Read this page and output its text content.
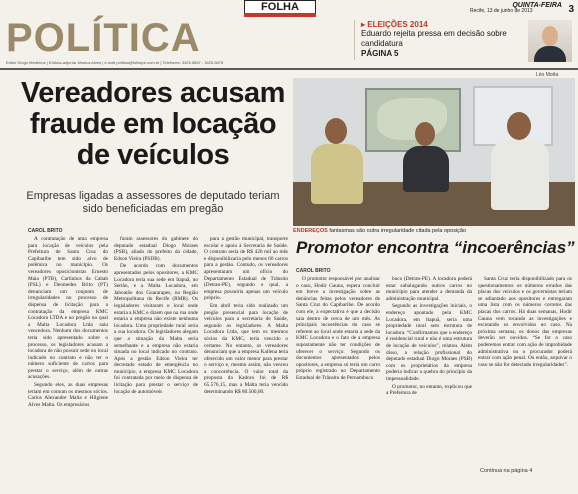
FOLHA
POLÍTICA
Editor Diogo Medeiros | Editora-adjunta Jéssica Alves | e-mail politica@folhape.com.br | Telefones: 3425.5857 - 3425.5878
QUINTA-FEIRA
Recife, 13 de junho de 2013	3
▸ ELEIÇÕES 2014
Eduardo rejeita pressa em decisão sobre candidatura
PÁGINA 5
Vereadores acusam fraude em locação de veículos
Empresas ligadas a assessores de deputado teriam sido beneficiadas em pregão
Léo Motta
ENDEREÇOS fantasmas são outra irregularidade citada pela oposição
Promotor encontra “incoerências”
CAROL BRITO

A contratação de uma empresa para locação de veículos pela Prefeitura de Santa Cruz do Capibaribe tem sido alvo de polêmica no município. Os vereadores oposicionistas Ernesto Maia (PTB), Carlinhos da Cabab (PSL) e Deomedes Brito (PT) denunciam um conjunto de irregularidades no processo de dispensa de licitação para a contratação da empresa KMC Locadora LTDA e no pregão no qual a Malta Locadora Ltda saiu vencedora. Nenhum dos documentos teria sido apresentado sobre o processo, os legisladores acusam a locadora de não possuir sede no local indicado no contrato e não ter o número suficiente de carros para prestar o serviço, além de outras acusações.

Segundo eles, as duas empresas teriam em comum os mesmos sócios. Carlos Alexandre Malta e Hilgiene Alves Malta. Os empresários

foram assessores do gabinete do deputado estadual Diogo Moraes (PSB), aliado do prefeito da cidade, Edson Vieira (PSDB).

De acordo com documentos apresentados pelos opositores, a KMC Locadora teria sua sede em Itapuã, no Sertão, e a Malta Locadora, em Jaboatão dos Guararapes, na Região Metropolitana do Recife (RMR). Os legisladores visitaram o local onde estaria a KMC e dizem que na rua onde estaria a empresa não existe nenhuma locadora. Uma propriedade rural seria a sua locadora. Os legisladores alegam que a situação da Malta seria semelhante e a empresa não estaria situada no local indicado no contrato. Após a gestão Edson Vieira ter decretado estado de emergência no município, a empresa KMC Locadora foi contratada por meio de dispensa de licitação para prestar o serviço de locação de automóveis

para a gestão municipal, transporte escolar e apoio à Secretaria de Saúde. O contrato seria de R$ 420 mil ao mês e disponibilizaria pelo menos 60 carros para a gestão. Contudo, os vereadores apresentaram um ofício do Departamento Estadual de Trânsito (Detran-PE), segundo o qual, a empresa possuiria apenas um veículo próprio.

Em abril teria sido realizado um pregão presencial para locação de veículos para a secretaria de Saúde, segundo os legisladores. A Malta Locadora Ltda, que tem os mesmos sócios da KMC, teria vencido o certame. No entanto, os vereadores denunciam que a empresa Kallena teria oferecido um valor menor para prestar o serviço e, mesmo assim, não venceu a concorrência. O valor total da proposta da Kadoro foi de R$ 65.576,15, mas a Malta teria vencido determinando R$ 80.500,00.

CAROL BRITO

O promotor responsável por analisar o caso, Hodir Gauna, espera concluir em breve a investigação sobre as denúncias feitas pelos vereadores de Santa Cruz do Capibaribe. De acordo com ele, a expectativa é que a decisão saia dentro de cerca de um mês. As principais incoerências do caso se referem ao local onde estaria a sede da KMC Locadora e o fato de a empresa supostamente não ter condições de oferecer o serviço. Segundo os documentos apresentados pelos opositores, a empresa só teria um carro próprio registrado no Departamento Estadual de Trânsito de Pernambuco

buco (Detran-PE). A locadora poderá estar subalugando outros carros no município para atender a demanda da administração municipal.

Segundo as investigações iniciais, o endereço apontado pela KMC Locadora, em Itapuã, seria uma propriedade rural sem estrutura de locadora. “Confirmamos que o endereço é residencial rural e não é uma estrutura de locação de veículos”, relatou. Além disso, a relação profissional do deputado estadual Diogo Moraes (PSB) com os proprietários da empresa poderia indicar a quebra do princípio da impessoalidade.

O promotor, no entanto, explicou que a Prefeitura de

Santa Cruz teria disponibilizado para os questionamentos os números errados das placas dos veículos e os governistas teriam se adiantado aos opositores e entregaram uma lista com os números corretos das placas dos carros. Há duas semanas, Hodir Gauna vem tocando as investigações e escutando os envolvidos no caso. Na próxima semana, os donos das empresas deverão ser ouvidos. “Se for o caso poderemos entrar com ação de improbidade administrativa ou o procurador poderá entrar com ação penal. Ou então, arquivar o caso se não for detectado irregularidades”.

Continua na página 4
